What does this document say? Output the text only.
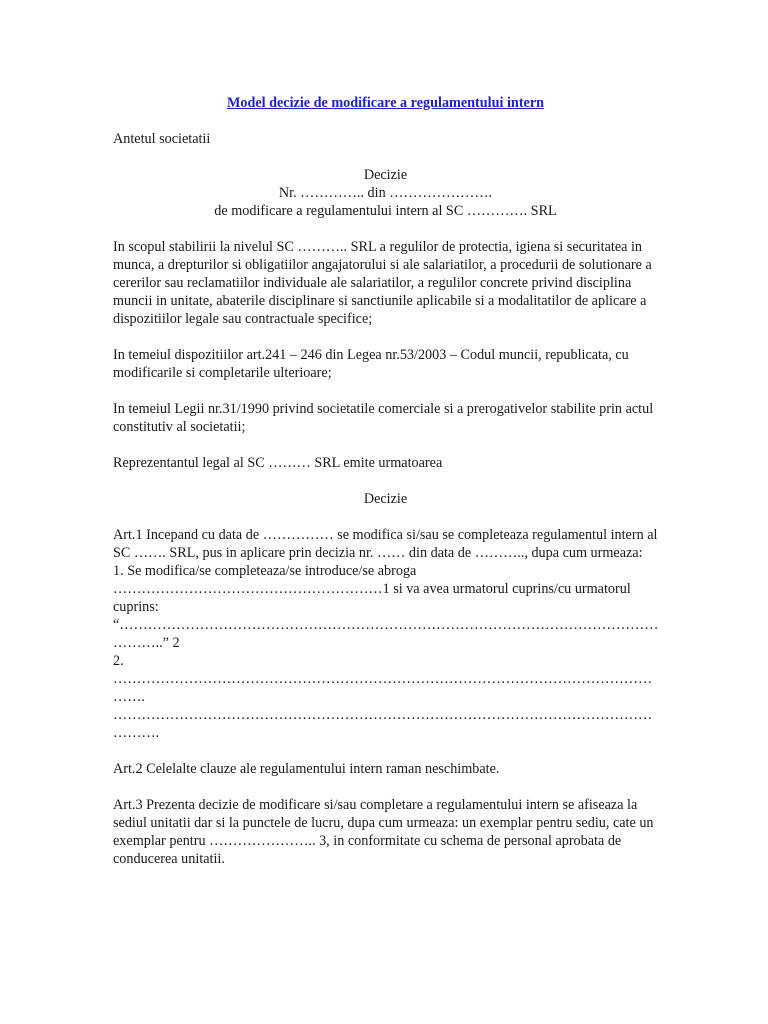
Model decizie de modificare a regulamentului intern

Antetul societatii

Decizie

Nr. ………….. din ………………….

de modificare a regulamentului intern al SC …………. SRL

In scopul stabilirii la nivelul SC ……….. SRL a regulilor de protectia, igiena si securitatea in munca, a drepturilor si obligatiilor angajatorului si ale salariatilor, a procedurii de solutionare a cererilor sau reclamatiilor individuale ale salariatilor, a regulilor concrete privind disciplina muncii in unitate, abaterile disciplinare si sanctiunile aplicabile si a modalitatilor de aplicare a dispozitiilor legale sau contractuale specifice;

In temeiul dispozitiilor art.241 – 246 din Legea nr.53/2003 – Codul muncii, republicata, cu modificarile si completarile ulterioare;

In temeiul Legii nr.31/1990 privind societatile comerciale si a prerogativelor stabilite prin actul constitutiv al societatii;

Reprezentantul legal al SC ……… SRL emite urmatoarea

Decizie

Art.1 Incepand cu data de …………… se modifica si/sau se completeaza regulamentul intern al SC ……. SRL, pus in aplicare prin decizia nr. …… din data de ……….., dupa cum urmeaza:

1. Se modifica/se completeaza/se introduce/se abroga

…………………………………………………1 si va avea urmatorul cuprins/cu urmatorul cuprins:

“……………………………………………………………………………………………………

………..” 2

2.

……………………………………………………………………………………………………

…….

……………………………………………………………………………………………………

……….

Art.2 Celelalte clauze ale regulamentului intern raman neschimbate.

Art.3 Prezenta decizie de modificare si/sau completare a regulamentului intern se afiseaza la sediul unitatii dar si la punctele de lucru, dupa cum urmeaza: un exemplar pentru sediu, cate un exemplar pentru ………………….. 3, in conformitate cu schema de personal aprobata de conducerea unitatii.
